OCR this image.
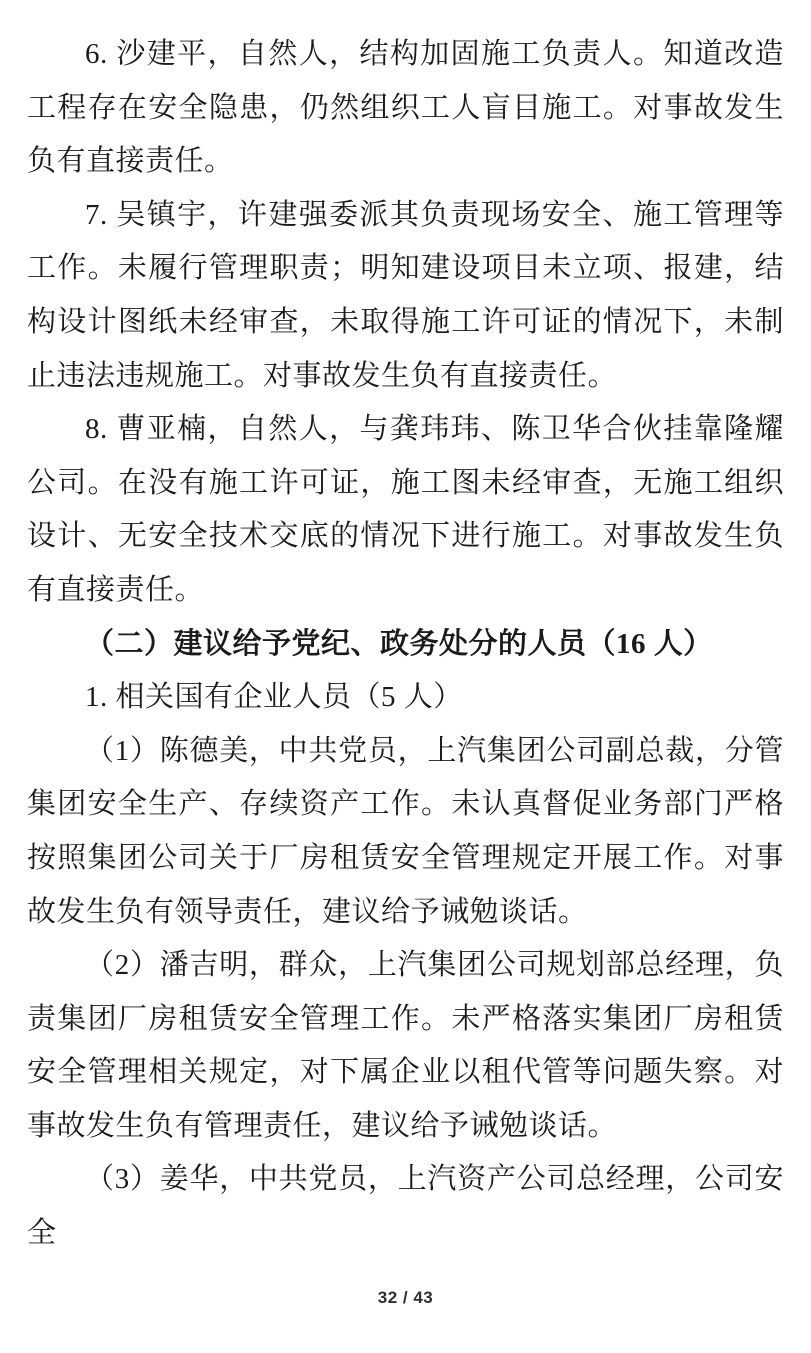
6. 沙建平，自然人，结构加固施工负责人。知道改造工程存在安全隐患，仍然组织工人盲目施工。对事故发生负有直接责任。

7. 吴镇宇，许建强委派其负责现场安全、施工管理等工作。未履行管理职责；明知建设项目未立项、报建，结构设计图纸未经审查，未取得施工许可证的情况下，未制止违法违规施工。对事故发生负有直接责任。

8. 曹亚楠，自然人，与龚玮玮、陈卫华合伙挂靠隆耀公司。在没有施工许可证，施工图未经审查，无施工组织设计、无安全技术交底的情况下进行施工。对事故发生负有直接责任。

（二）建议给予党纪、政务处分的人员（16 人）

1. 相关国有企业人员（5 人）

（1）陈德美，中共党员，上汽集团公司副总裁，分管集团安全生产、存续资产工作。未认真督促业务部门严格按照集团公司关于厂房租赁安全管理规定开展工作。对事故发生负有领导责任，建议给予诫勉谈话。

（2）潘吉明，群众，上汽集团公司规划部总经理，负责集团厂房租赁安全管理工作。未严格落实集团厂房租赁安全管理相关规定，对下属企业以租代管等问题失察。对事故发生负有管理责任，建议给予诫勉谈话。

（3）姜华，中共党员，上汽资产公司总经理，公司安全

32 / 43
